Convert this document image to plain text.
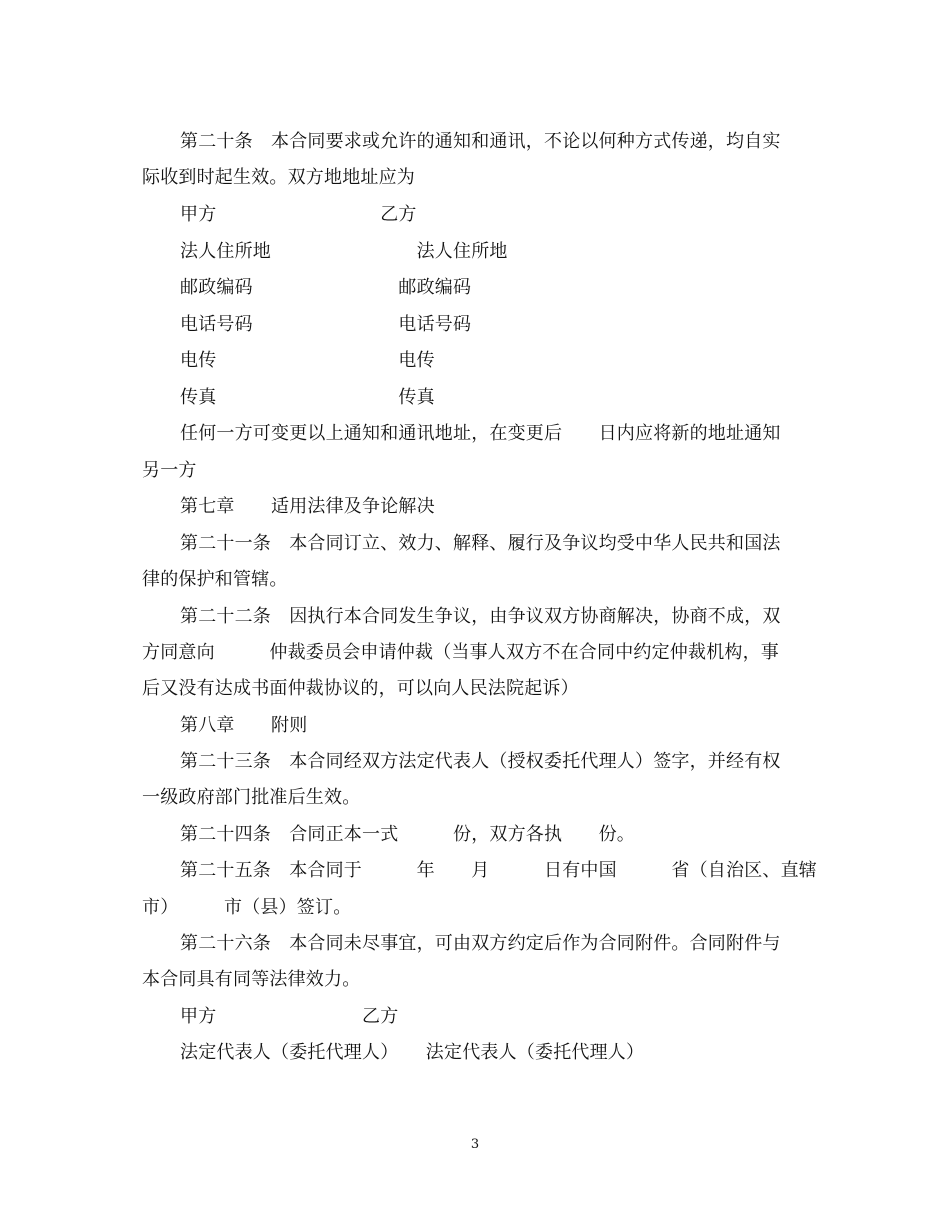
第二十条　本合同要求或允许的通知和通讯，不论以何种方式传递，均自实
际收到时起生效。双方地地址应为
甲方　　　　　　　　　乙方
法人住所地　　　　　　　　法人住所地
邮政编码　　　　　　　　邮政编码
电话号码　　　　　　　　电话号码
电传　　　　　　　　　　电传
传真　　　　　　　　　　传真
任何一方可变更以上通知和通讯地址，在变更后　　日内应将新的地址通知
另一方
第七章　　适用法律及争论解决
第二十一条　本合同订立、效力、解释、履行及争议均受中华人民共和国法
律的保护和管辖。
第二十二条　因执行本合同发生争议，由争议双方协商解决，协商不成，双
方同意向　　　仲裁委员会申请仲裁（当事人双方不在合同中约定仲裁机构，事
后又没有达成书面仲裁协议的，可以向人民法院起诉）
第八章　　附则
第二十三条　本合同经双方法定代表人（授权委托代理人）签字，并经有权
一级政府部门批准后生效。
第二十四条　合同正本一式　　　份，双方各执　　份。
第二十五条　本合同于　　　年　　月　　　日有中国　　　省（自治区、直辖
市）　　　市（县）签订。
第二十六条　本合同未尽事宜，可由双方约定后作为合同附件。合同附件与
本合同具有同等法律效力。
甲方　　　　　　　　乙方
法定代表人（委托代理人）　　法定代表人（委托代理人）
3
